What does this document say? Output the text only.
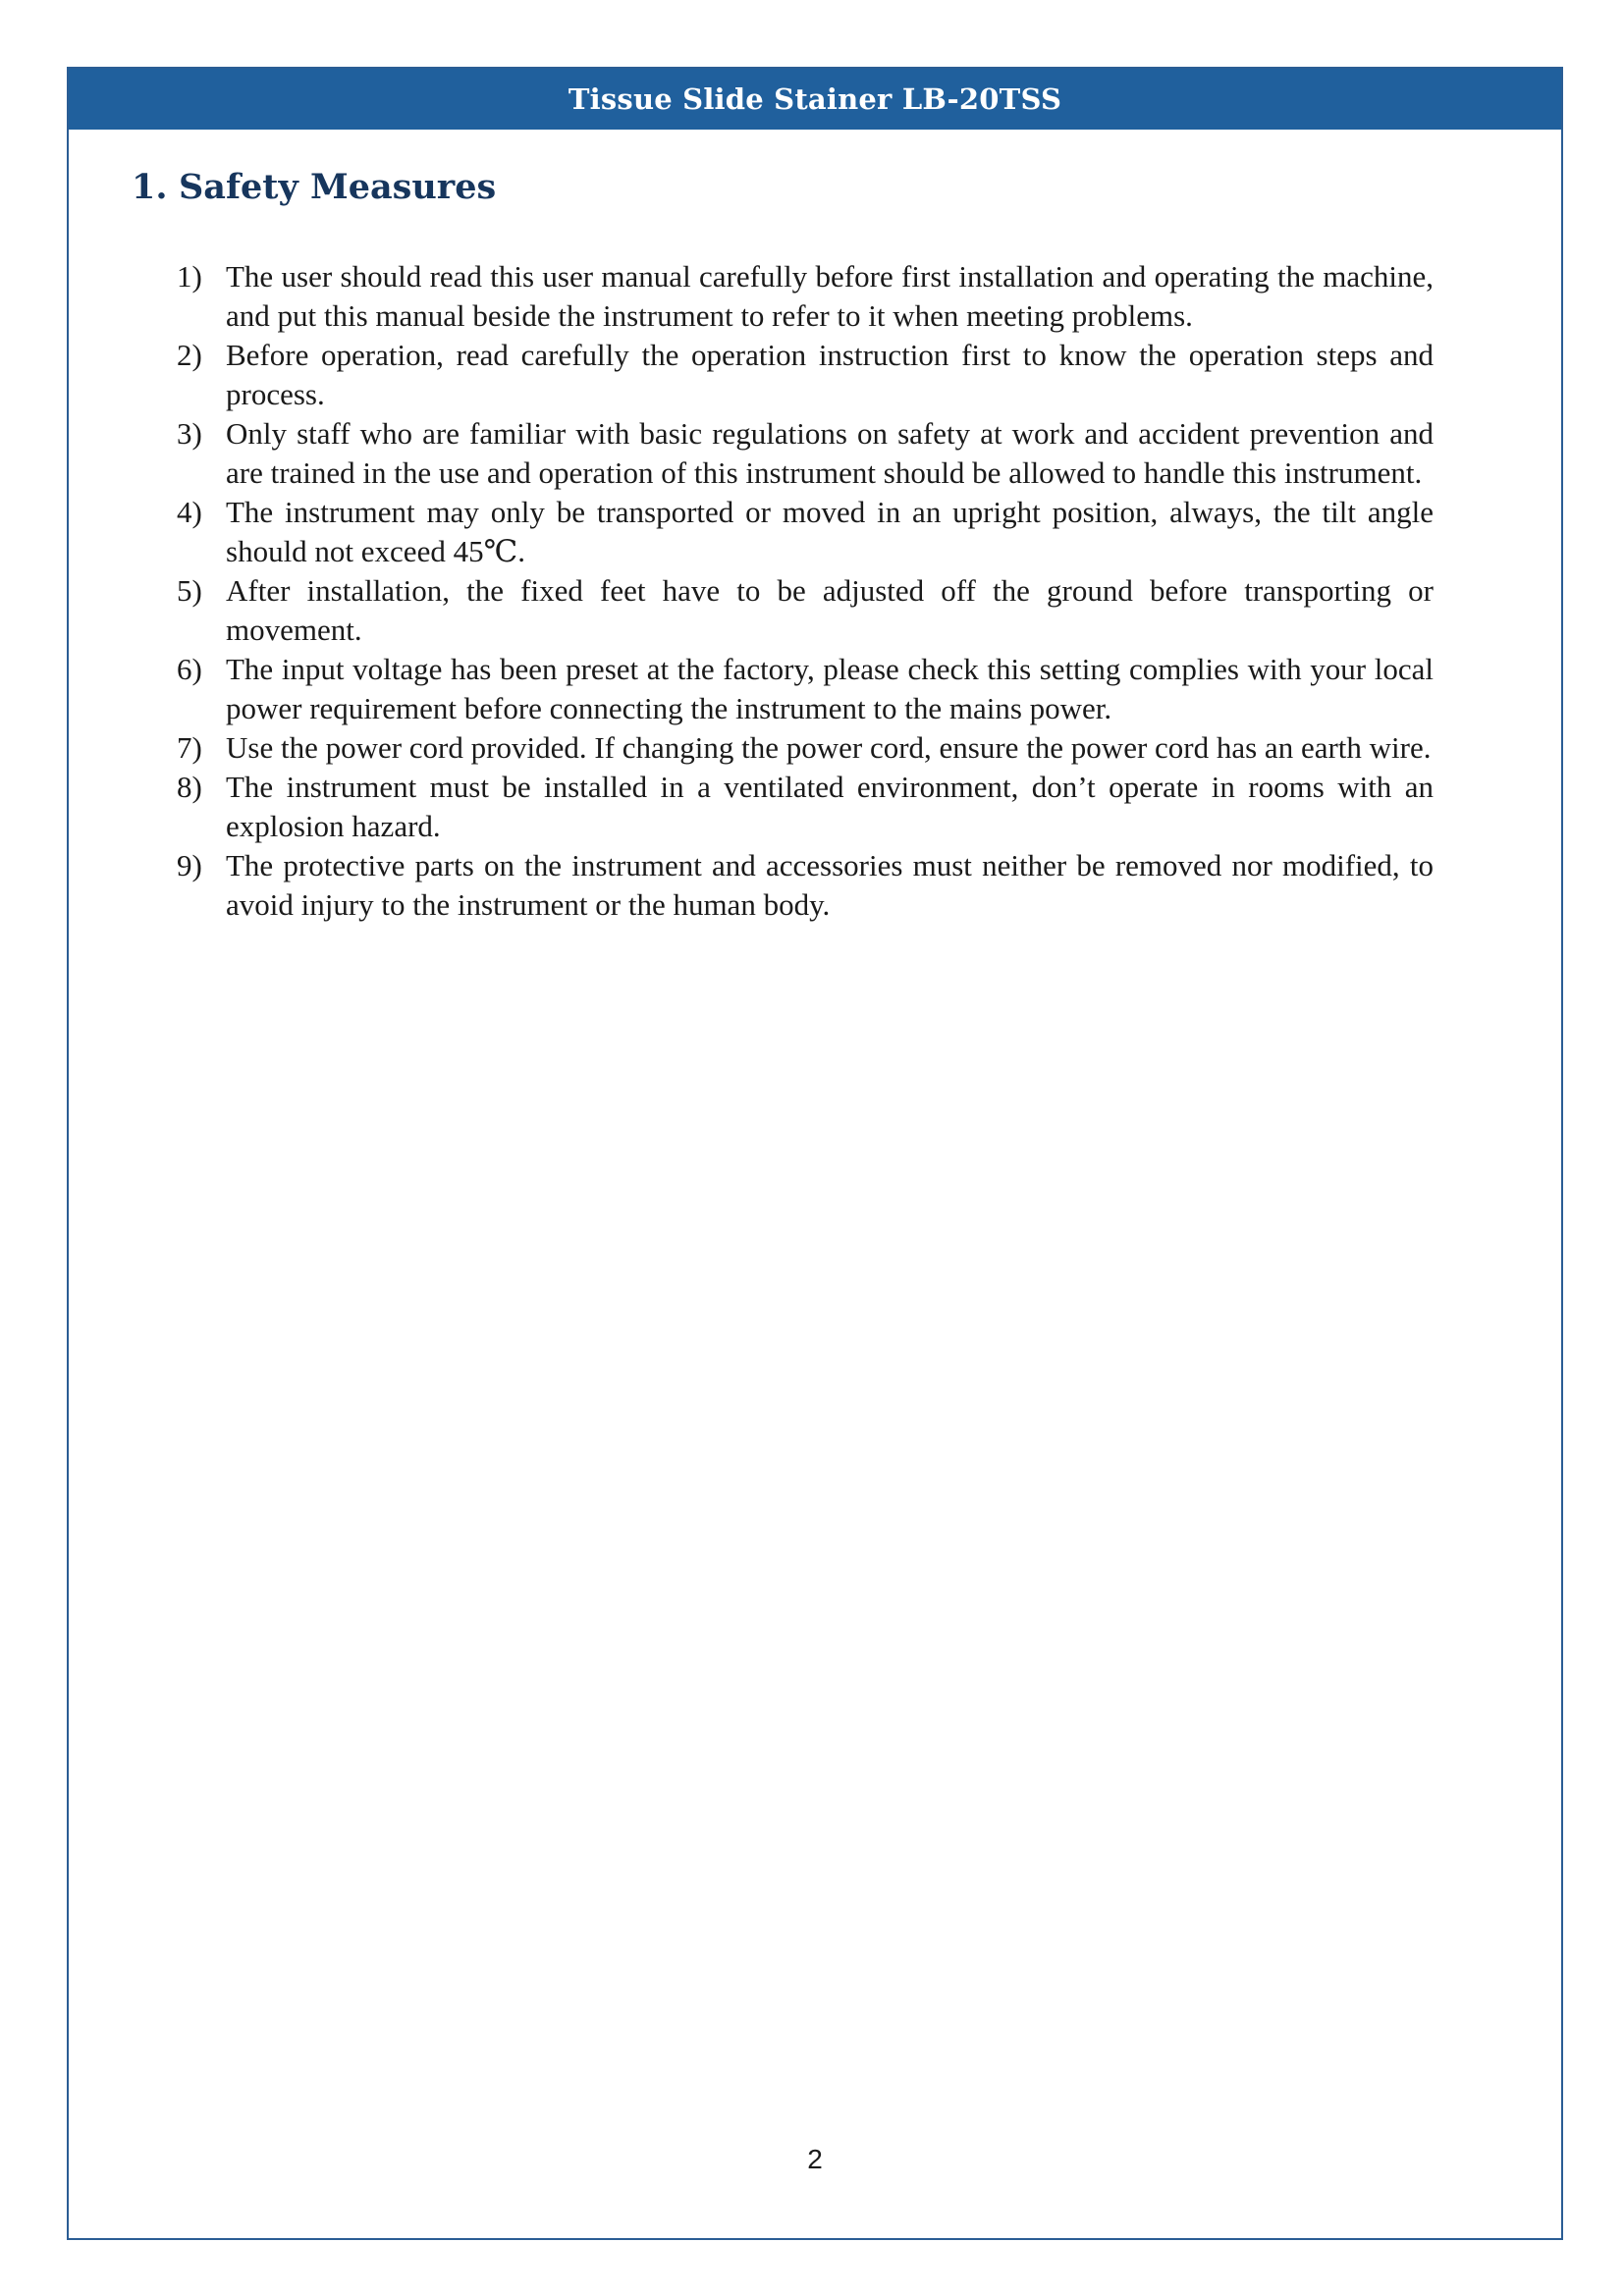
Tissue Slide Stainer LB-20TSS
2
1. Safety Measures
1) The user should read this user manual carefully before first installation and operating the machine, and put this manual beside the instrument to refer to it when meeting problems.
2) Before operation, read carefully the operation instruction first to know the operation steps and process.
3) Only staff who are familiar with basic regulations on safety at work and accident prevention and are trained in the use and operation of this instrument should be allowed to handle this instrument.
4) The instrument may only be transported or moved in an upright position, always, the tilt angle should not exceed 45℃.
5) After installation, the fixed feet have to be adjusted off the ground before transporting or movement.
6) The input voltage has been preset at the factory, please check this setting complies with your local power requirement before connecting the instrument to the mains power.
7) Use the power cord provided. If changing the power cord, ensure the power cord has an earth wire.
8) The instrument must be installed in a ventilated environment, don’t operate in rooms with an explosion hazard.
9) The protective parts on the instrument and accessories must neither be removed nor modified, to avoid injury to the instrument or the human body.
